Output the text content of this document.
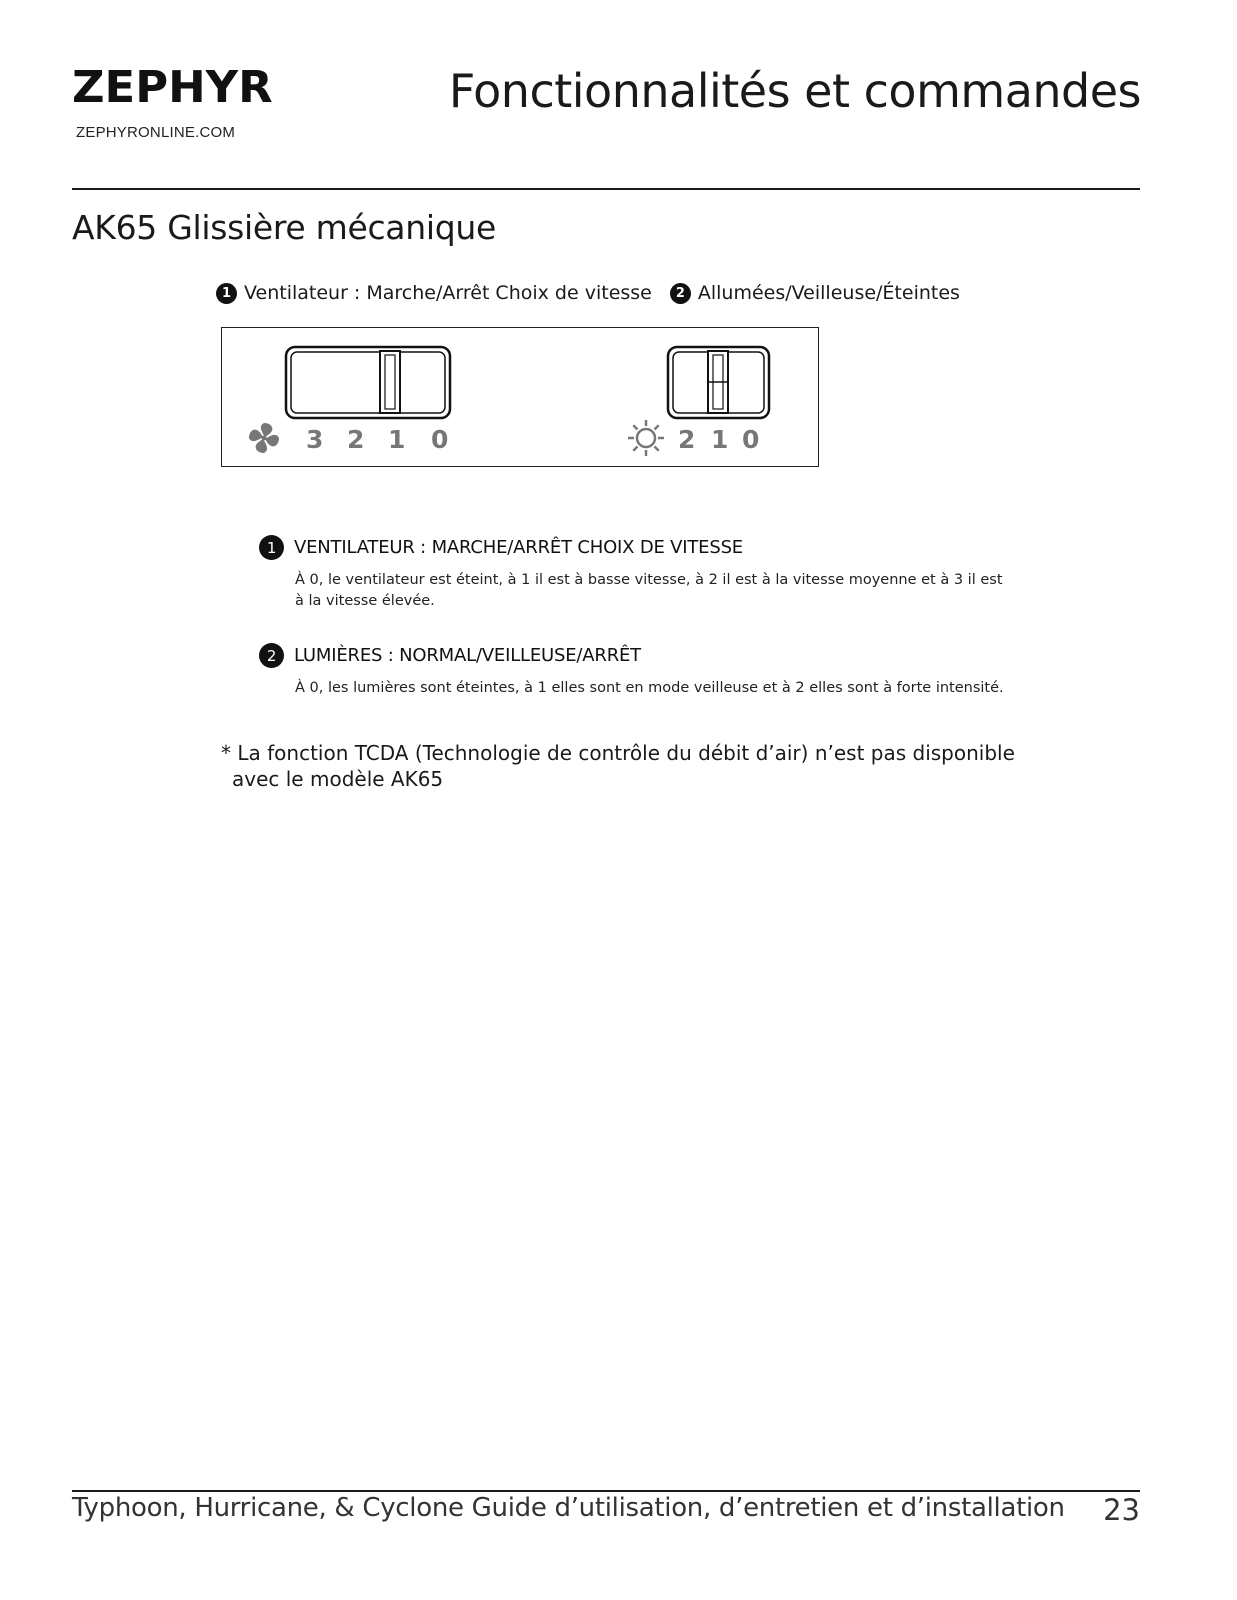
ZEPHYR
ZEPHYRONLINE.COM
Fonctionnalités et commandes
AK65 Glissière mécanique
1 Ventilateur : Marche/Arrêt Choix de vitesse	2 Allumées/Veilleuse/Éteintes
3 2 1 0	2 1 0
1 VENTILATEUR : MARCHE/ARRÊT CHOIX DE VITESSE
À 0, le ventilateur est éteint, à 1 il est à basse vitesse, à 2 il est à la vitesse moyenne et à 3 il est à la vitesse élevée.
2 LUMIÈRES : NORMAL/VEILLEUSE/ARRÊT
À 0, les lumières sont éteintes, à 1 elles sont en mode veilleuse et à 2 elles sont à forte intensité.
* La fonction TCDA (Technologie de contrôle du débit d’air) n’est pas disponible
avec le modèle AK65
Typhoon, Hurricane, & Cyclone Guide d’utilisation, d’entretien et d’installation 23
